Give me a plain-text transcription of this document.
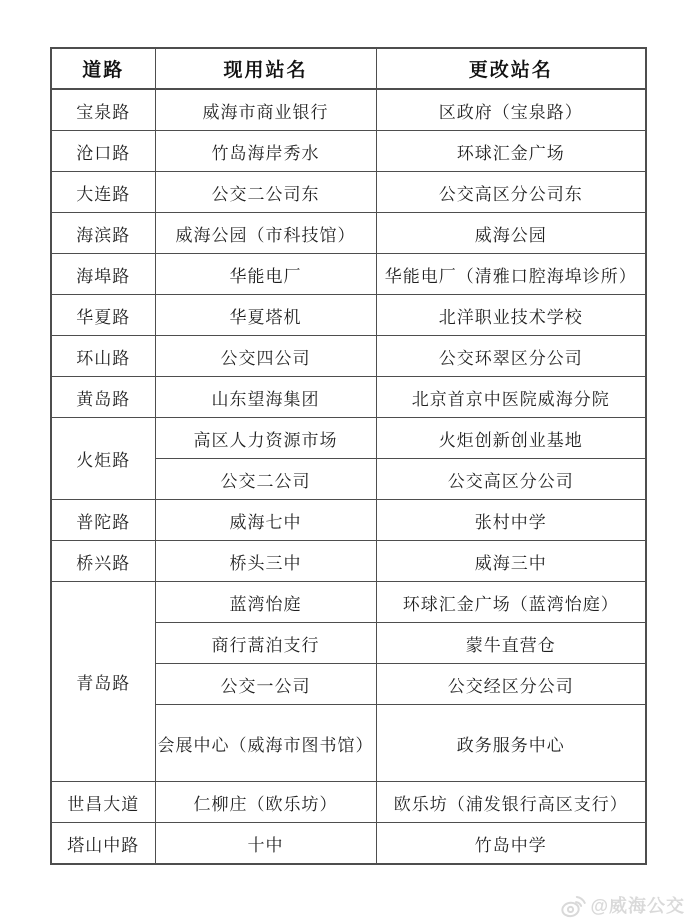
道路	现用站名	更改站名
宝泉路	威海市商业银行	区政府（宝泉路）
沧口路	竹岛海岸秀水	环球汇金广场
大连路	公交二公司东	公交高区分公司东
海滨路	威海公园（市科技馆）	威海公园
海埠路	华能电厂	华能电厂（清雅口腔海埠诊所）
华夏路	华夏塔机	北洋职业技术学校
环山路	公交四公司	公交环翠区分公司
黄岛路	山东望海集团	北京首京中医院威海分院
火炬路	高区人力资源市场	火炬创新创业基地
	公交二公司	公交高区分公司
普陀路	威海七中	张村中学
桥兴路	桥头三中	威海三中
青岛路	蓝湾怡庭	环球汇金广场（蓝湾怡庭）
	商行蒿泊支行	蒙牛直营仓
	公交一公司	公交经区分公司
	会展中心（威海市图书馆）	政务服务中心
世昌大道	仁柳庄（欧乐坊）	欧乐坊（浦发银行高区支行）
塔山中路	十中	竹岛中学
@威海公交
